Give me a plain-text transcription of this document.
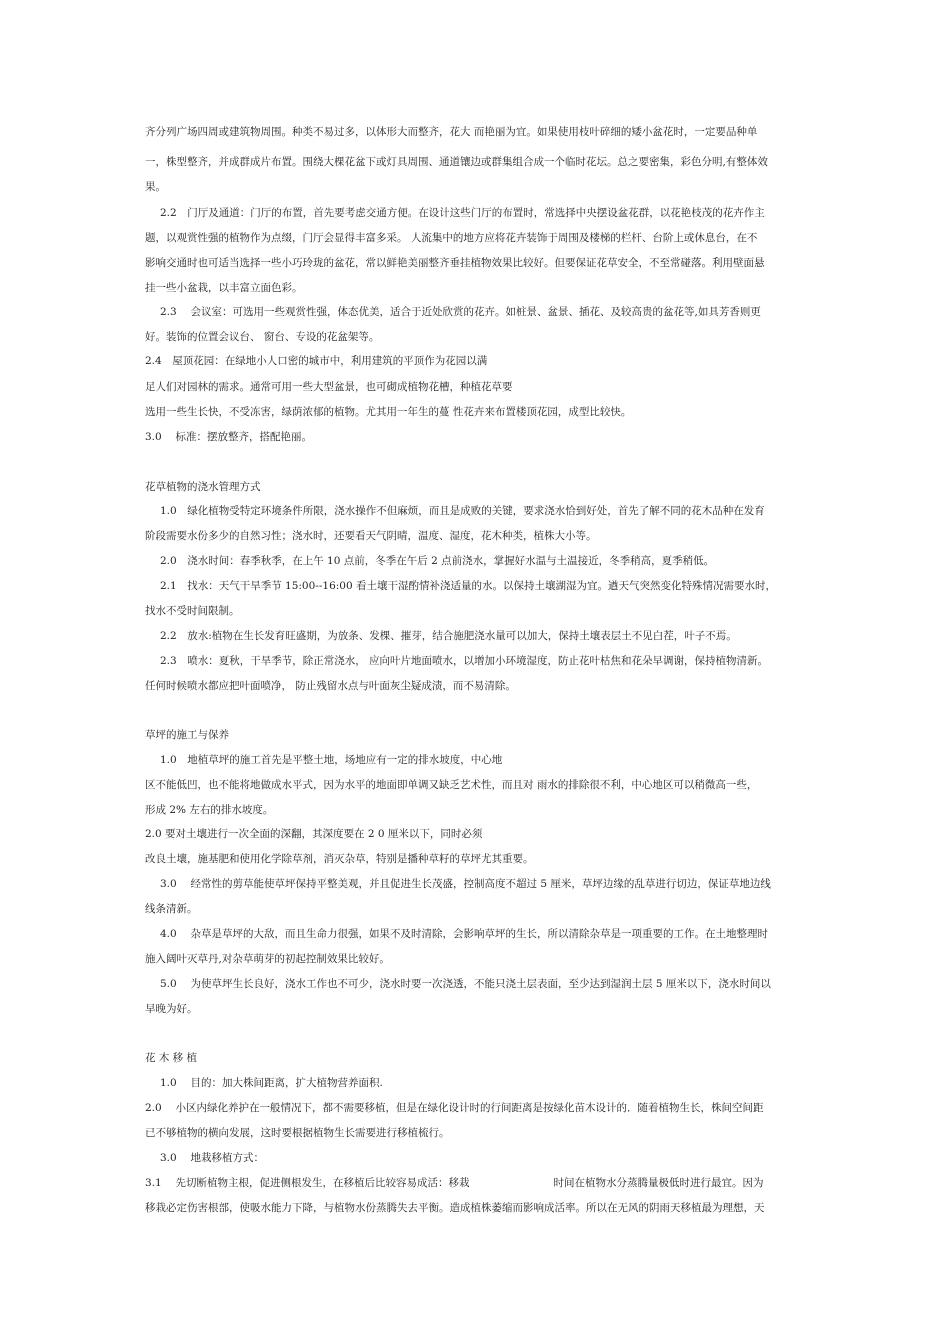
齐分列广场四周或建筑物周围。种类不易过多，以体形大而整齐，花大 而艳丽为宜。如果使用枝叶碎细的矮小盆花时，一定要品种单
一，株型整齐，并成群成片布置。围绕大棵花盆下或灯具周围、通道镶边或群集组合成一个临时花坛。总之要密集，彩色分明,有整体效
果。
2.2　门厅及通道：门厅的布置，首先要考虑交通方便。在设计这些门厅的布置时，常选择中央摆设盆花群，以花艳枝茂的花卉作主
题，以观赏性强的植物作为点缀，门厅会显得丰富多采。 人流集中的地方应将花卉装饰于周围及楼梯的栏杆、台阶上或休息台，在不
影响交通时也可适当选择一些小巧玲珑的盆花，常以鲜艳美丽整齐垂挂植物效果比较好。但要保证花草安全，不至常碰落。利用壁面悬
挂一些小盆栽，以丰富立面色彩。
2.3　 会议室：可选用一些观赏性强，体态优美，适合于近处欣赏的花卉。如桩景、盆景、插花、及较高贵的盆花等,如具芳香则更
好。装饰的位置会议台、 窗台、专设的花盆架等。
2.4　屋顶花园：在绿地小人口密的城市中，利用建筑的平顶作为花园以满
足人们对园林的需求。通常可用一些大型盆景，也可砌成植物花槽，种植花草要
选用一些生长快，不受冻害，绿荫浓郁的植物。尤其用一年生的蔓 性花卉来布置楼顶花园，成型比较快。
3.0　 标准：摆放整齐，搭配艳丽。
花草植物的浇水管理方式
1.0　绿化植物受特定环境条件所限，浇水操作不但麻烦，而且是成败的关键，要求浇水恰到好处，首先了解不同的花木品种在发育
阶段需要水份多少的自然习性；浇水时，还要看天气阴晴，温度、湿度，花木种类，植株大小等。
2.0　浇水时间：春季秋季，在上午 10 点前，冬季在午后 2 点前浇水，掌握好水温与土温接近，冬季稍高，夏季稍低。
2.1　找水：天气干旱季节 15:00--16:00 看土壤干湿酌情补浇适量的水。以保持土壤湖湿为宜。遒天气突然变化特殊情况需要水时，
找水不受时间限制。
2.2　放水:植物在生长发育旺盛期，为放条、发棵、摧芽，结合施肥浇水量可以加大，保持土壤表层土不见白茬，叶子不焉。
2.3　喷水：夏秋，干旱季节，除正常浇水， 应向叶片地面喷水，以增加小环境湿度，防止花叶枯焦和花朵早调谢，保持植物清新。
任何时候喷水都应把叶面喷净， 防止残留水点与叶面灰尘疑成渍，而不易清除。
草坪的施工与保养
1.0　地植草坪的施工首先是平整土地，场地应有一定的排水坡度，中心地
区不能低凹，也不能将地做成水平式，因为水平的地面即单调又缺乏艺术性，而且对 雨水的排除很不利，中心地区可以稍微高一些，
形成 2% 左右的排水坡度。
2.0 要对土壤进行一次全面的深翻，其深度要在 2 0 厘米以下，同时必须
改良土壤，施基肥和使用化学除草剂，消灭杂草，特别是播种草籽的草坪尤其重要。
3.0　 经常性的剪草能使草坪保持平整美观，并且促进生长茂盛，控制高度不超过 5 厘米，草坪边缘的乱草进行切边，保证草地边线
线条清新。
4.0　 杂草是草坪的大敌，而且生命力很强，如果不及时清除，会影响草坪的生长，所以清除杂草是一项重要的工作。在土地整理时
施入阔叶灭草丹,对杂草萌芽的初起控制效果比较好。
5.0　 为使草坪生长良好，浇水工作也不可少，浇水时要一次浇透，不能只浇土层表面，至少达到湿润土层 5 厘米以下，浇水时间以
早晚为好。
花 木 移 植
1.0　 目的：加大株间距离，扩大植物营养面积.
2.0　 小区内绿化养护在一般情况下，都不需要移植，但是在绿化设计时的行间距离是按绿化苗木设计的．随着植物生长，株间空间距
已不够植物的横向发展，这时要根据植物生长需要进行移植梳行。
3.0　 地栽移植方式：
3.1　 先切断植物主根，促进侧根发生，在移植后比较容易成活：移栽　　　　　　　　时间在植物水分蒸腾量极低时进行最宜。因为
移栽必定伤害根部，使吸水能力下降，与植物水份蒸腾失去平衡。造成植株萎缩而影响成活率。所以在无风的阴雨天移植最为理想，天
